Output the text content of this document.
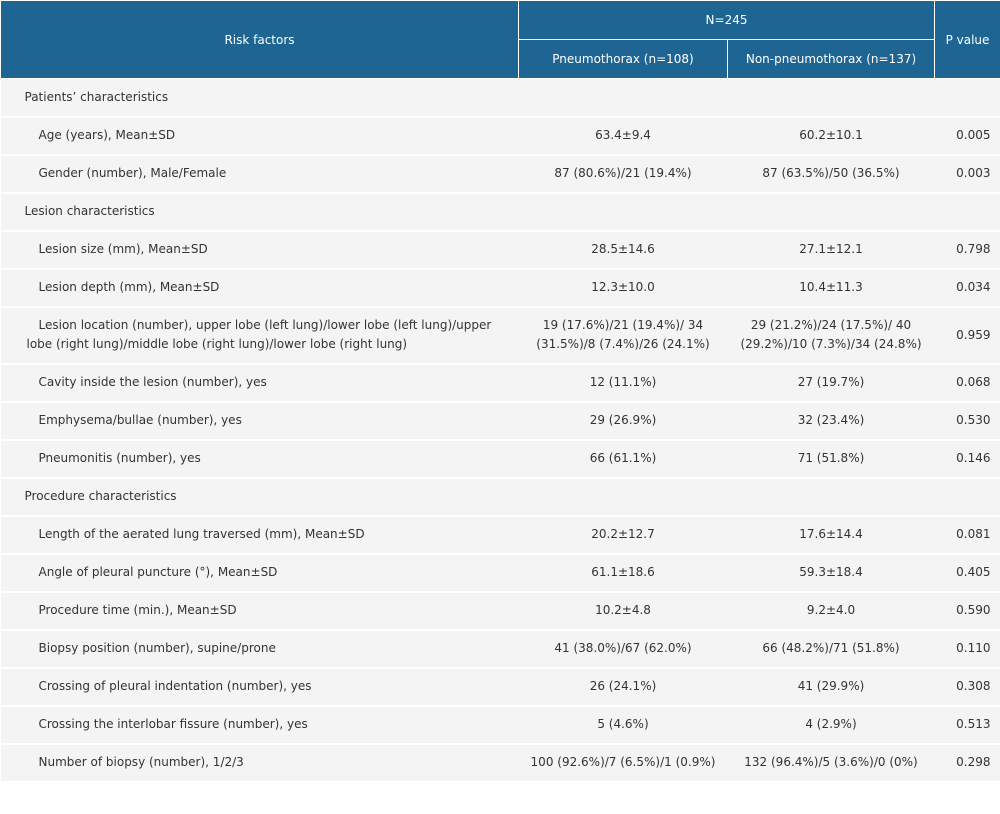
Risk factors	N=245		P value
	Pneumothorax (n=108)	Non-pneumothorax (n=137)	
Patients’ characteristics			
Age (years), Mean±SD	63.4±9.4	60.2±10.1	0.005
Gender (number), Male/Female	87 (80.6%)/21 (19.4%)	87 (63.5%)/50 (36.5%)	0.003
Lesion characteristics			
Lesion size (mm), Mean±SD	28.5±14.6	27.1±12.1	0.798
Lesion depth (mm), Mean±SD	12.3±10.0	10.4±11.3	0.034
Lesion location (number), upper lobe (left lung)/lower lobe (left lung)/upper lobe (right lung)/middle lobe (right lung)/lower lobe (right lung)	19 (17.6%)/21 (19.4%)/ 34 (31.5%)/8 (7.4%)/26 (24.1%)	29 (21.2%)/24 (17.5%)/ 40 (29.2%)/10 (7.3%)/34 (24.8%)	0.959
Cavity inside the lesion (number), yes	12 (11.1%)	27 (19.7%)	0.068
Emphysema/bullae (number), yes	29 (26.9%)	32 (23.4%)	0.530
Pneumonitis (number), yes	66 (61.1%)	71 (51.8%)	0.146
Procedure characteristics			
Length of the aerated lung traversed (mm), Mean±SD	20.2±12.7	17.6±14.4	0.081
Angle of pleural puncture (°), Mean±SD	61.1±18.6	59.3±18.4	0.405
Procedure time (min.), Mean±SD	10.2±4.8	9.2±4.0	0.590
Biopsy position (number), supine/prone	41 (38.0%)/67 (62.0%)	66 (48.2%)/71 (51.8%)	0.110
Crossing of pleural indentation (number), yes	26 (24.1%)	41 (29.9%)	0.308
Crossing the interlobar fissure (number), yes	5 (4.6%)	4 (2.9%)	0.513
Number of biopsy (number), 1/2/3	100 (92.6%)/7 (6.5%)/1 (0.9%)	132 (96.4%)/5 (3.6%)/0 (0%)	0.298
